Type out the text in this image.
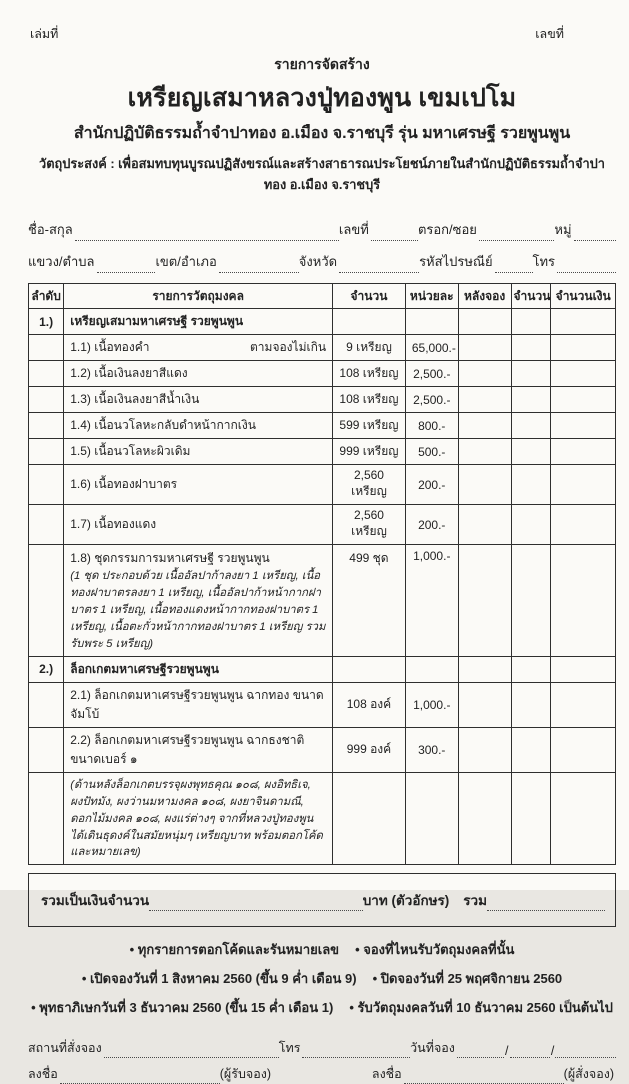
เล่มที่	เลขที่
รายการจัดสร้าง
เหรียญเสมาหลวงปู่ทองพูน เขมเปโม
สำนักปฏิบัติธรรมถ้ำจำปาทอง อ.เมือง จ.ราชบุรี รุ่น มหาเศรษฐี รวยพูนพูน
วัตถุประสงค์ : เพื่อสมทบทุนบูรณปฏิสังขรณ์และสร้างสาธารณประโยชน์ภายในสำนักปฏิบัติธรรมถ้ำจำปาทอง อ.เมือง จ.ราชบุรี
ชื่อ-สกุล	เลขที่	ตรอก/ซอย	หมู่
แขวง/ตำบล	เขต/อำเภอ	จังหวัด	รหัสไปรษณีย์	โทร
ลำดับ	รายการวัตถุมงคล	จำนวน	หน่วยละ	หลังจอง	จำนวน	จำนวนเงิน
1.)	เหรียญเสมามหาเศรษฐี รวยพูนพูน					

	1.1) เนื้อทองคำ ตามจองไม่เกิน	9 เหรียญ	65,000.-			
	1.2) เนื้อเงินลงยาสีแดง	108 เหรียญ	2,500.-			
	1.3) เนื้อเงินลงยาสีน้ำเงิน	108 เหรียญ	2,500.-			
	1.4) เนื้อนวโลหะกลับดำหน้ากากเงิน	599 เหรียญ	800.-			
	1.5) เนื้อนวโลหะผิวเดิม	999 เหรียญ	500.-			
	1.6) เนื้อทองฝาบาตร	2,560 เหรียญ	200.-			
	1.7) เนื้อทองแดง	2,560 เหรียญ	200.-			

	1.8) ชุดกรรมการมหาเศรษฐี รวยพูนพูน
(1 ชุด ประกอบด้วย เนื้ออัลปาก้าลงยา 1 เหรียญ, เนื้อทองฝาบาตรลงยา 1 เหรียญ, เนื้ออัลปาก้าหน้ากากฝาบาตร 1 เหรียญ, เนื้อทองแดงหน้ากากทองฝาบาตร 1 เหรียญ, เนื้อตะกั่วหน้ากากทองฝาบาตร 1 เหรียญ รวมรับพระ 5 เหรียญ)	499 ชุด	1,000.-			
2.)	ล็อกเกตมหาเศรษฐีรวยพูนพูน					
	2.1) ล็อกเกตมหาเศรษฐีรวยพูนพูน ฉากทอง ขนาดจัมโบ้	108 องค์	1,000.-			
	2.2) ล็อกเกตมหาเศรษฐีรวยพูนพูน ฉากธงชาติ ขนาดเบอร์ ๑	999 องค์	300.-			

	(ด้านหลังล็อกเกตบรรจุผงพุทธคุณ ๑๐๘, ผงอิทธิเจ, ผงปัทมัง, ผงว่านมหามงคล ๑๐๘, ผงยาจินดามณี, ดอกไม้มงคล ๑๐๘, ผงแร่ต่างๆ จากที่หลวงปู่ทองพูนได้เดินธุดงค์ในสมัยหนุ่มๆ เหรียญบาท พร้อมตอกโค้ดและหมายเลข)					

รวมเป็นเงินจำนวน	บาท (ตัวอักษร) รวม
• ทุกรายการตอกโค้ดและรันหมายเลข • จองที่ไหนรับวัตถุมงคลที่นั้น
• เปิดจองวันที่ 1 สิงหาคม 2560 (ขึ้น 9 ค่ำ เดือน 9) • ปิดจองวันที่ 25 พฤศจิกายน 2560
• พุทธาภิเษกวันที่ 3 ธันวาคม 2560 (ขึ้น 15 ค่ำ เดือน 1) • รับวัตถุมงคลวันที่ 10 ธันวาคม 2560 เป็นต้นไป
สถานที่สั่งจอง	โทร	วันที่จอง	/	/
ลงชื่อ	(ผู้รับจอง)	ลงชื่อ	(ผู้สั่งจอง)
